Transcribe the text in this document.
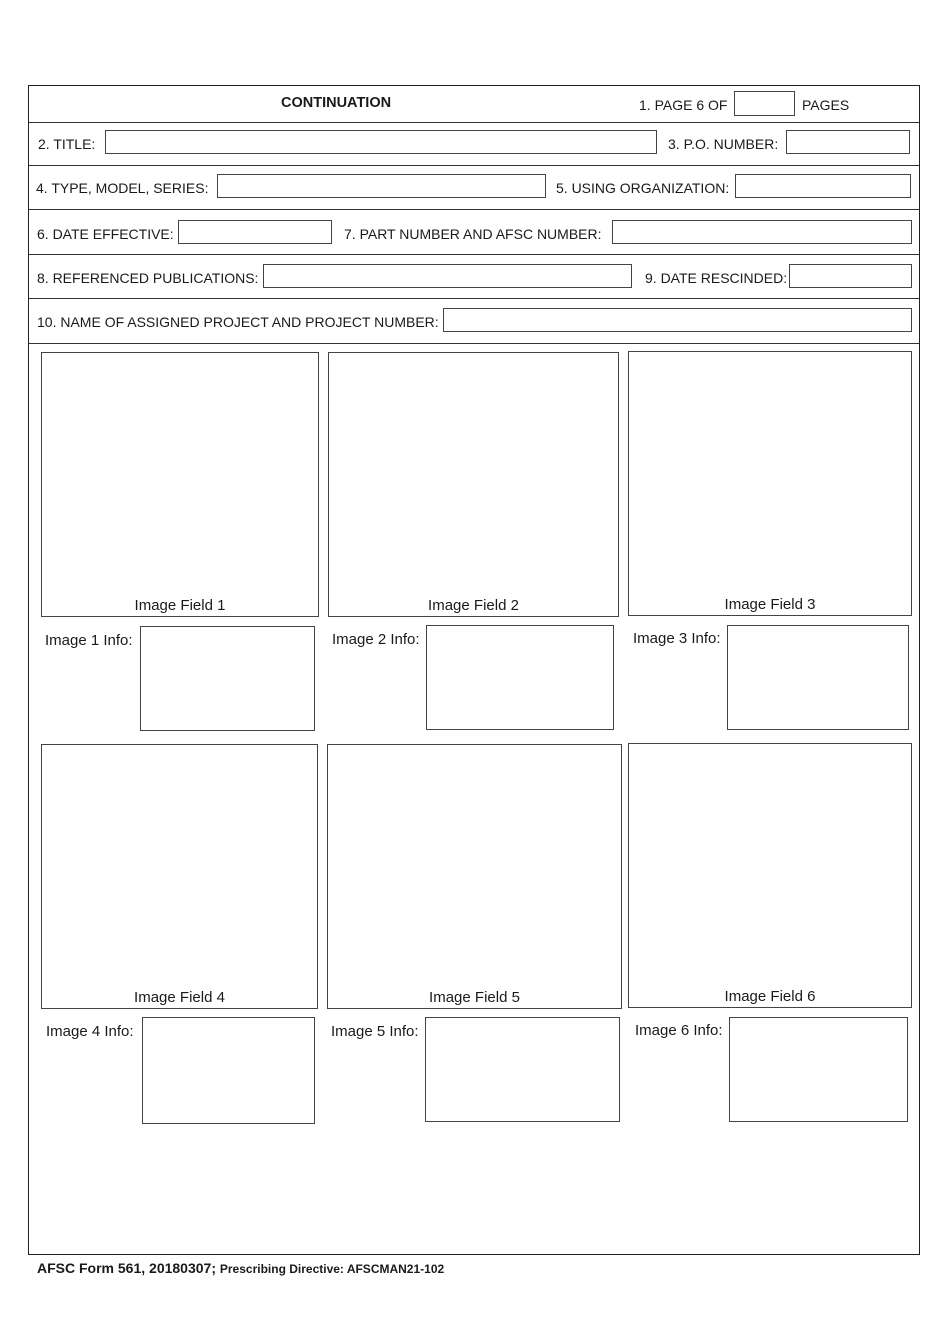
CONTINUATION	1. PAGE 6 OF	PAGES
2. TITLE:	3. P.O. NUMBER:
4. TYPE, MODEL, SERIES:	5. USING ORGANIZATION:
6. DATE EFFECTIVE:	7. PART NUMBER AND AFSC NUMBER:
8. REFERENCED PUBLICATIONS:	9. DATE RESCINDED:
10. NAME OF ASSIGNED PROJECT AND PROJECT NUMBER:
Image Field 1	Image Field 2	Image Field 3
Image 1 Info:	Image 2 Info:	Image 3 Info:
Image Field 4	Image Field 5	Image Field 6
Image 4 Info:	Image 5 Info:	Image 6 Info:
AFSC Form 561, 20180307; Prescribing Directive: AFSCMAN21-102
